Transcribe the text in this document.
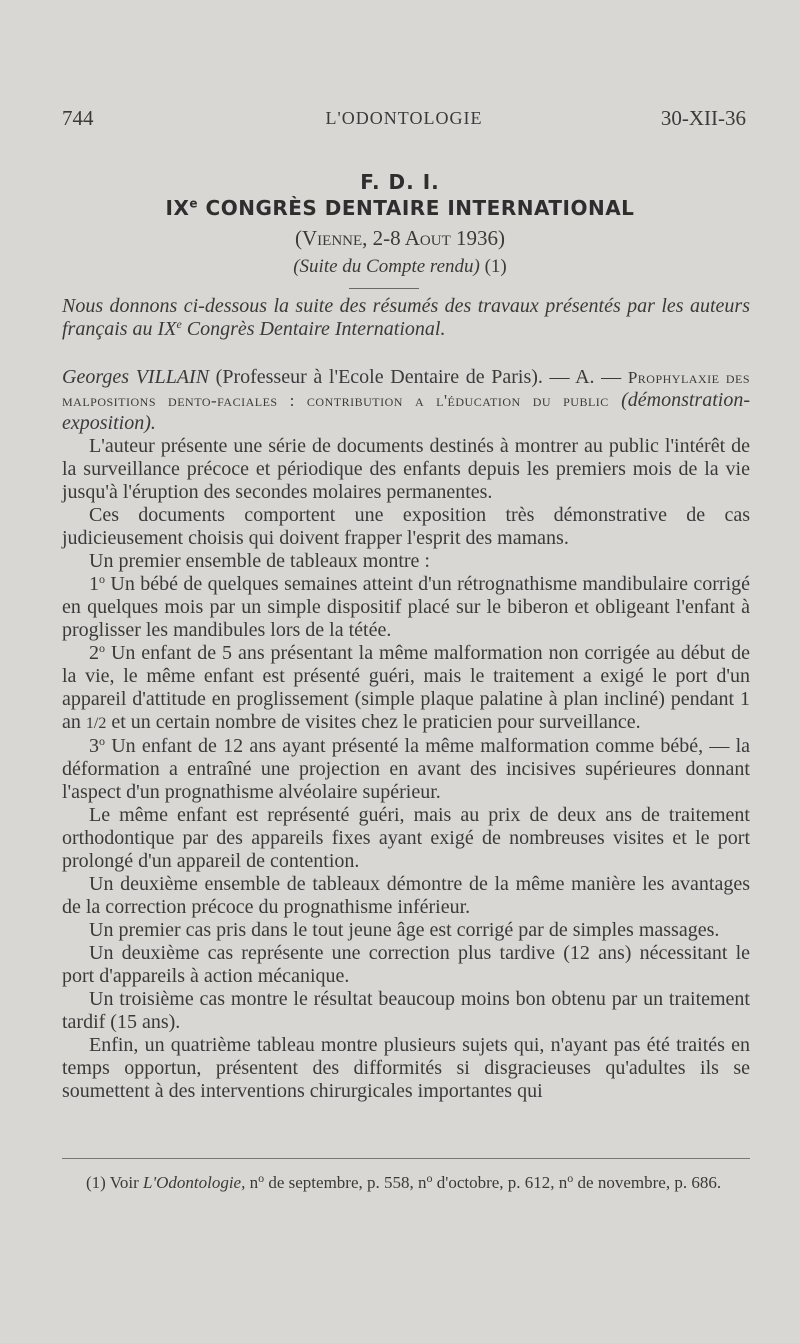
744	L'ODONTOLOGIE	30-XII-36
F. D. I.
IXe CONGRÈS DENTAIRE INTERNATIONAL
(Vienne, 2-8 Aout 1936)
(Suite du Compte rendu) (1)
Nous donnons ci-dessous la suite des résumés des travaux présentés par les auteurs français au IXe Congrès Dentaire International.
Georges VILLAIN (Professeur à l'Ecole Dentaire de Paris). — A. — Prophylaxie des malpositions dento-faciales : contribution a l'éducation du public (démonstration-exposition).

L'auteur présente une série de documents destinés à montrer au public l'intérêt de la surveillance précoce et périodique des enfants depuis les premiers mois de la vie jusqu'à l'éruption des secondes molaires permanentes.

Ces documents comportent une exposition très démonstrative de cas judicieusement choisis qui doivent frapper l'esprit des mamans.

Un premier ensemble de tableaux montre :

1$^o$ Un bébé de quelques semaines atteint d'un rétrognathisme mandibulaire corrigé en quelques mois par un simple dispositif placé sur le biberon et obligeant l'enfant à proglisser les mandibules lors de la tétée.

2$^o$ Un enfant de 5 ans présentant la même malformation non corrigée au début de la vie, le même enfant est présenté guéri, mais le traitement a exigé le port d'un appareil d'attitude en proglissement (simple plaque palatine à plan incliné) pendant 1 an 1/2 et un certain nombre de visites chez le praticien pour surveillance.

3$^o$ Un enfant de 12 ans ayant présenté la même malformation comme bébé, — la déformation a entraîné une projection en avant des incisives supérieures donnant l'aspect d'un prognathisme alvéolaire supérieur.

Le même enfant est représenté guéri, mais au prix de deux ans de traitement orthodontique par des appareils fixes ayant exigé de nombreuses visites et le port prolongé d'un appareil de contention.

Un deuxième ensemble de tableaux démontre de la même manière les avantages de la correction précoce du prognathisme inférieur.

Un premier cas pris dans le tout jeune âge est corrigé par de simples massages.

Un deuxième cas représente une correction plus tardive (12 ans) nécessitant le port d'appareils à action mécanique.

Un troisième cas montre le résultat beaucoup moins bon obtenu par un traitement tardif (15 ans).

Enfin, un quatrième tableau montre plusieurs sujets qui, n'ayant pas été traités en temps opportun, présentent des difformités si disgracieuses qu'adultes ils se soumettent à des interventions chirurgicales importantes qui

(1) Voir L'Odontologie, $n^o$ de septembre, p. 558, $n^o$ d'octobre, p. 612, $n^o$ de novembre, p. 686.
